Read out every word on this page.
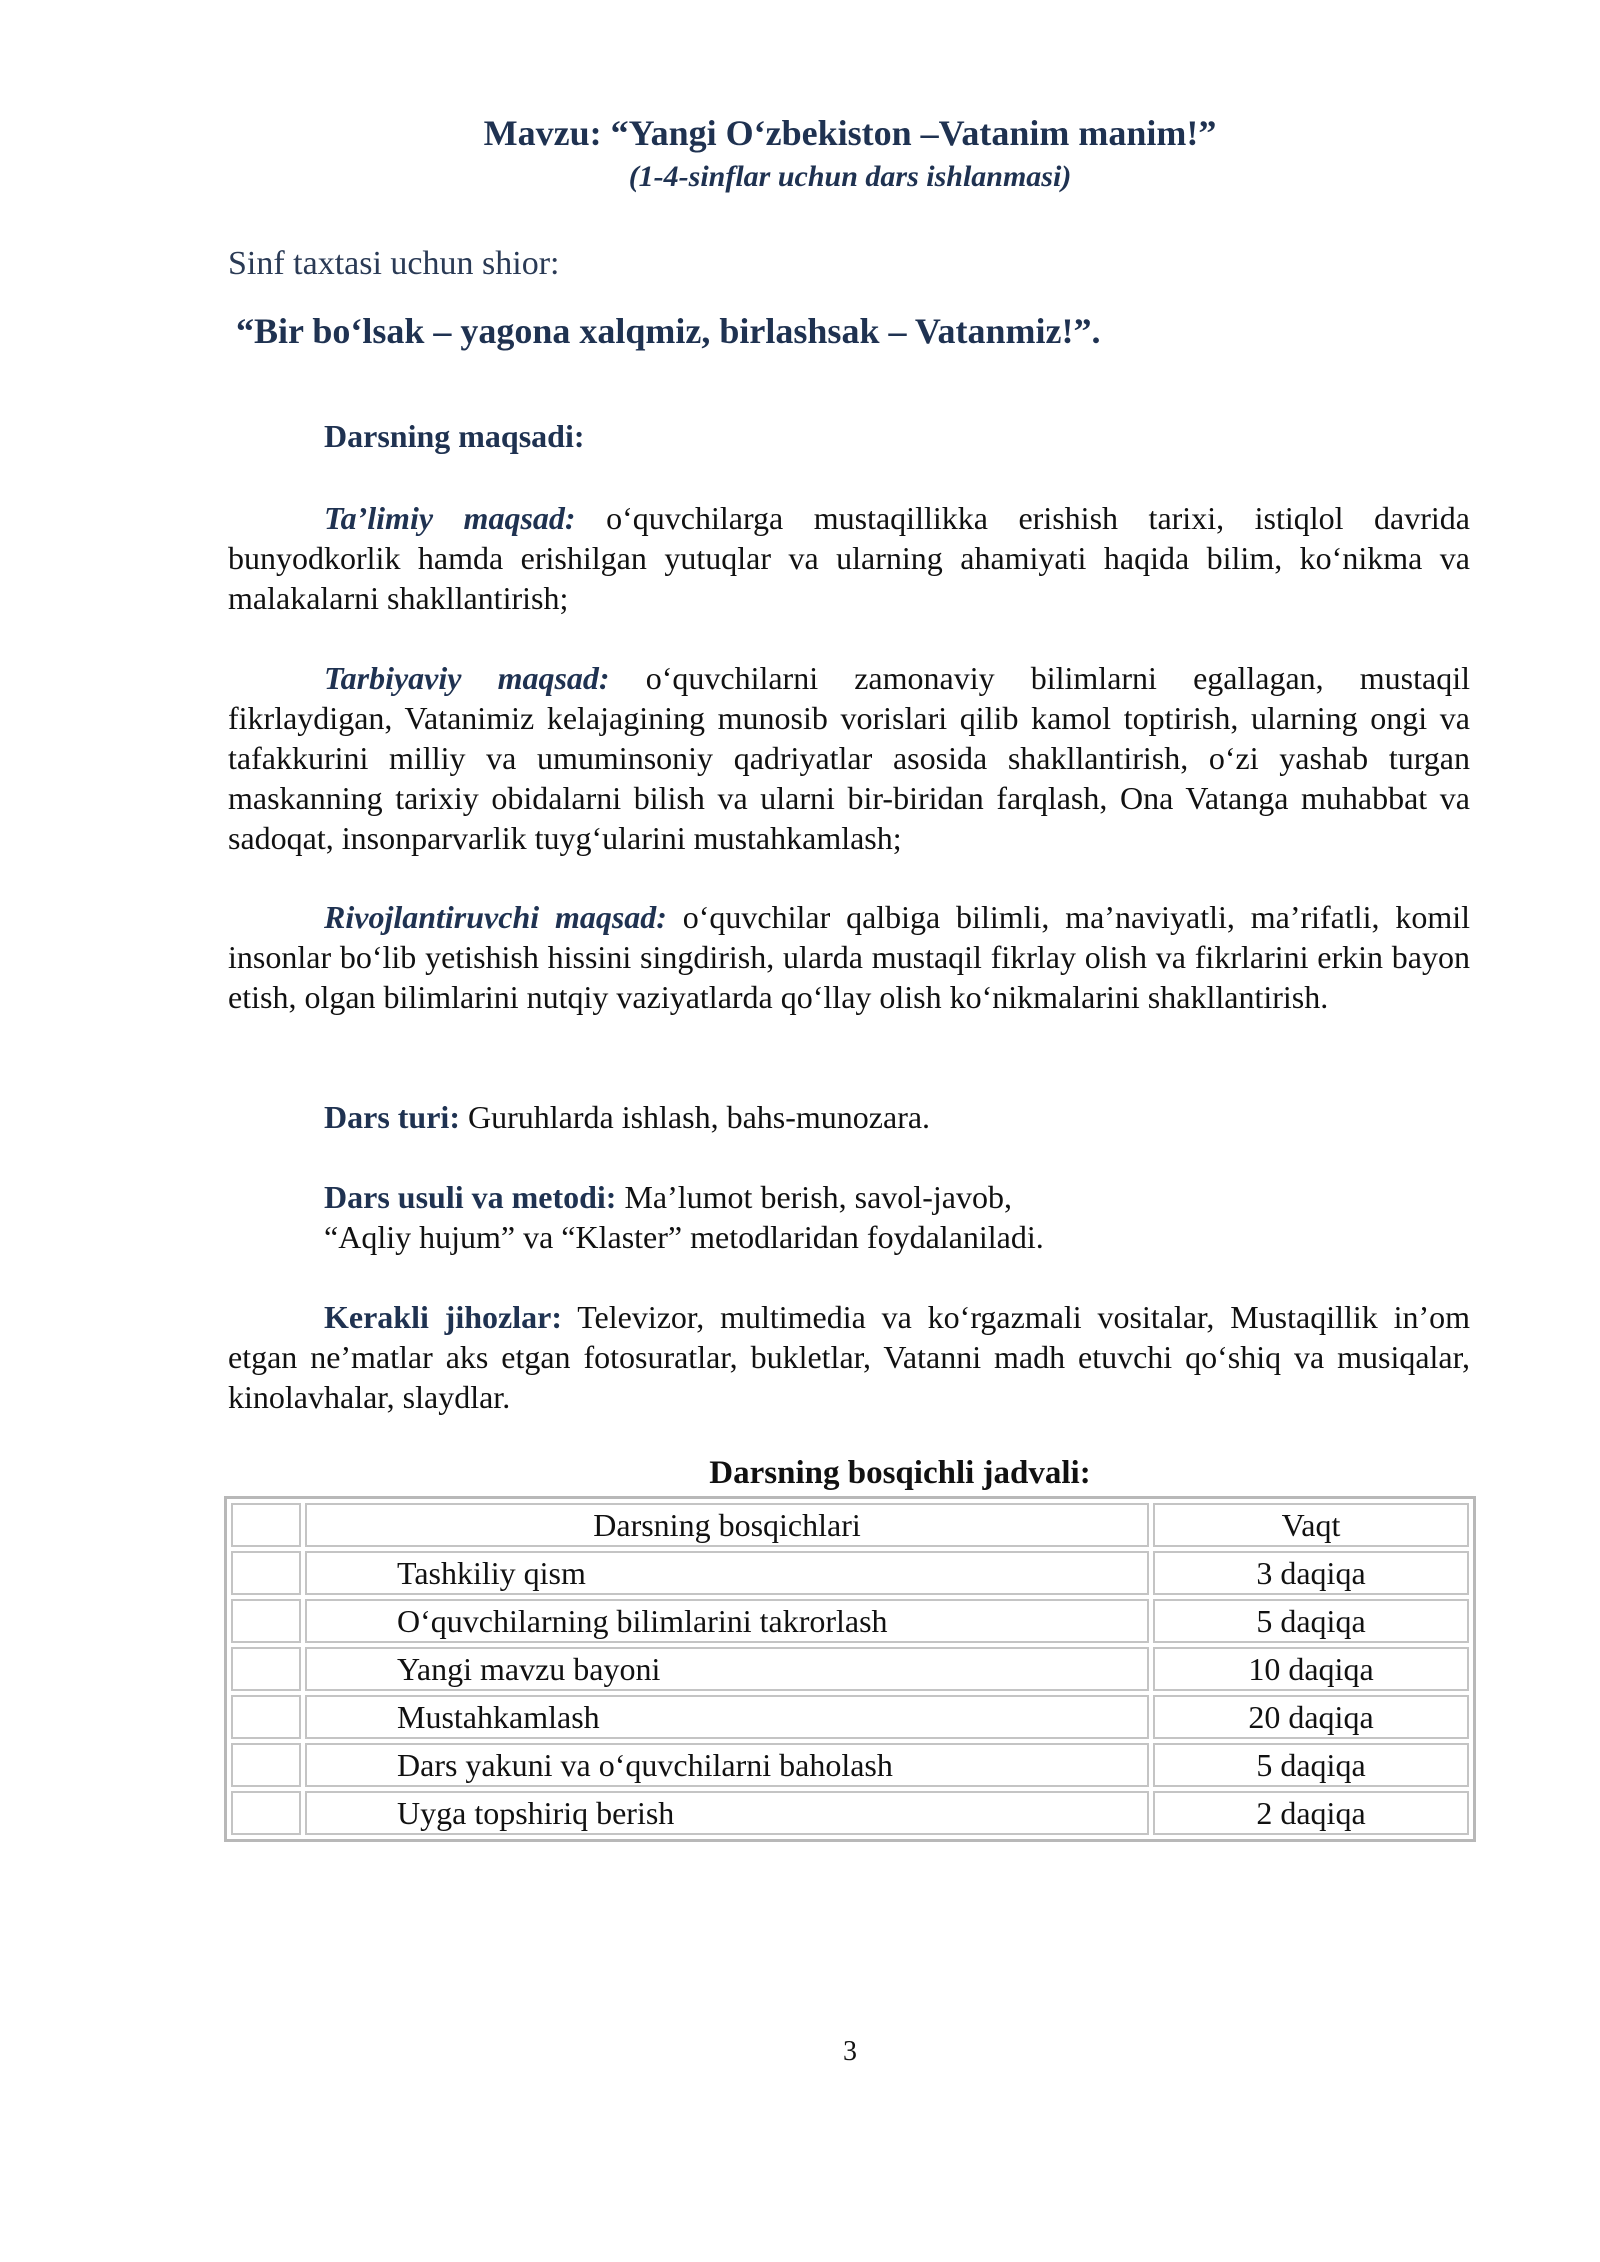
Mavzu: “Yangi O‘zbekiston –Vatanim manim!”
(1-4-sinflar uchun dars ishlanmasi)
Sinf taxtasi uchun shior:
“Bir bo‘lsak – yagona xalqmiz, birlashsak – Vatanmiz!”.
Darsning maqsadi:
Ta’limiy maqsad: o‘quvchilarga mustaqillikka erishish tarixi, istiqlol davrida bunyodkorlik hamda erishilgan yutuqlar va ularning ahamiyati haqida bilim, ko‘nikma va malakalarni shakllantirish;
Tarbiyaviy maqsad: o‘quvchilarni zamonaviy bilimlarni egallagan, mustaqil fikrlaydigan, Vatanimiz kelajagining munosib vorislari qilib kamol toptirish, ularning ongi va tafakkurini milliy va umuminsoniy qadriyatlar asosida shakllantirish, o‘zi yashab turgan maskanning tarixiy obidalarni bilish va ularni bir-biridan farqlash, Ona Vatanga muhabbat va sadoqat, insonparvarlik tuyg‘ularini mustahkamlash;
Rivojlantiruvchi maqsad: o‘quvchilar qalbiga bilimli, ma’naviyatli, ma’rifatli, komil insonlar bo‘lib yetishish hissini singdirish, ularda mustaqil fikrlay olish va fikrlarini erkin bayon etish, olgan bilimlarini nutqiy vaziyatlarda qo‘llay olish ko‘nikmalarini shakllantirish.
Dars turi: Guruhlarda ishlash, bahs-munozara.
Dars usuli va metodi: Ma’lumot berish, savol-javob,
“Aqliy hujum” va “Klaster” metodlaridan foydalaniladi.
Kerakli jihozlar: Televizor, multimedia va ko‘rgazmali vositalar, Mustaqillik in’om etgan ne’matlar aks etgan fotosuratlar, bukletlar, Vatanni madh etuvchi qo‘shiq va musiqalar, kinolavhalar, slaydlar.
Darsning bosqichli jadvali:
	Darsning bosqichlari	Vaqt
	Tashkiliy qism	3 daqiqa
	O‘quvchilarning bilimlarini takrorlash	5 daqiqa
	Yangi mavzu bayoni	10 daqiqa
	Mustahkamlash	20 daqiqa
	Dars yakuni va o‘quvchilarni baholash	5 daqiqa
	Uyga topshiriq berish	2 daqiqa
3
